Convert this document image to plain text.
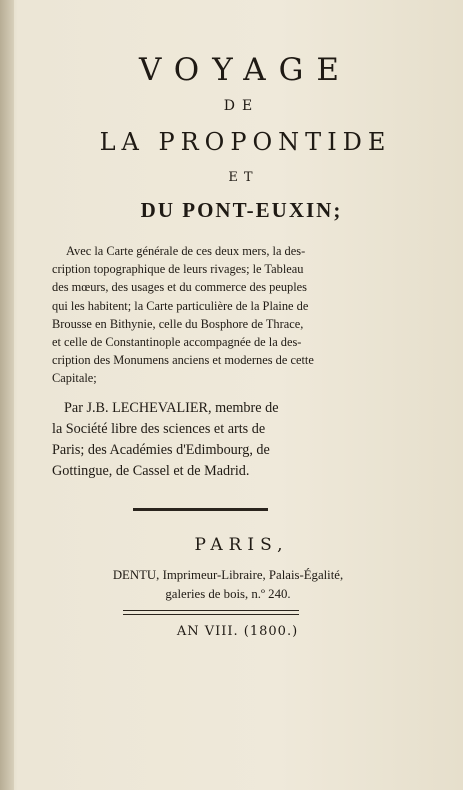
VOYAGE
DE
LA PROPONTIDE
ET
DU PONT-EUXIN;
Avec la Carte générale de ces deux mers, la des-
cription topographique de leurs rivages; le Tableau
des mœurs, des usages et du commerce des peuples
qui les habitent; la Carte particulière de la Plaine de
Brousse en Bithynie, celle du Bosphore de Thrace,
et celle de Constantinople accompagnée de la des-
cription des Monumens anciens et modernes de cette
Capitale;
Par J.B. LECHEVALIER, membre de
la Société libre des sciences et arts de
Paris; des Académies d'Edimbourg, de
Gottingue, de Cassel et de Madrid.
PARIS,
DENTU, Imprimeur-Libraire, Palais-Égalité,
galeries de bois, n.º 240.
AN VIII. (1800.)
